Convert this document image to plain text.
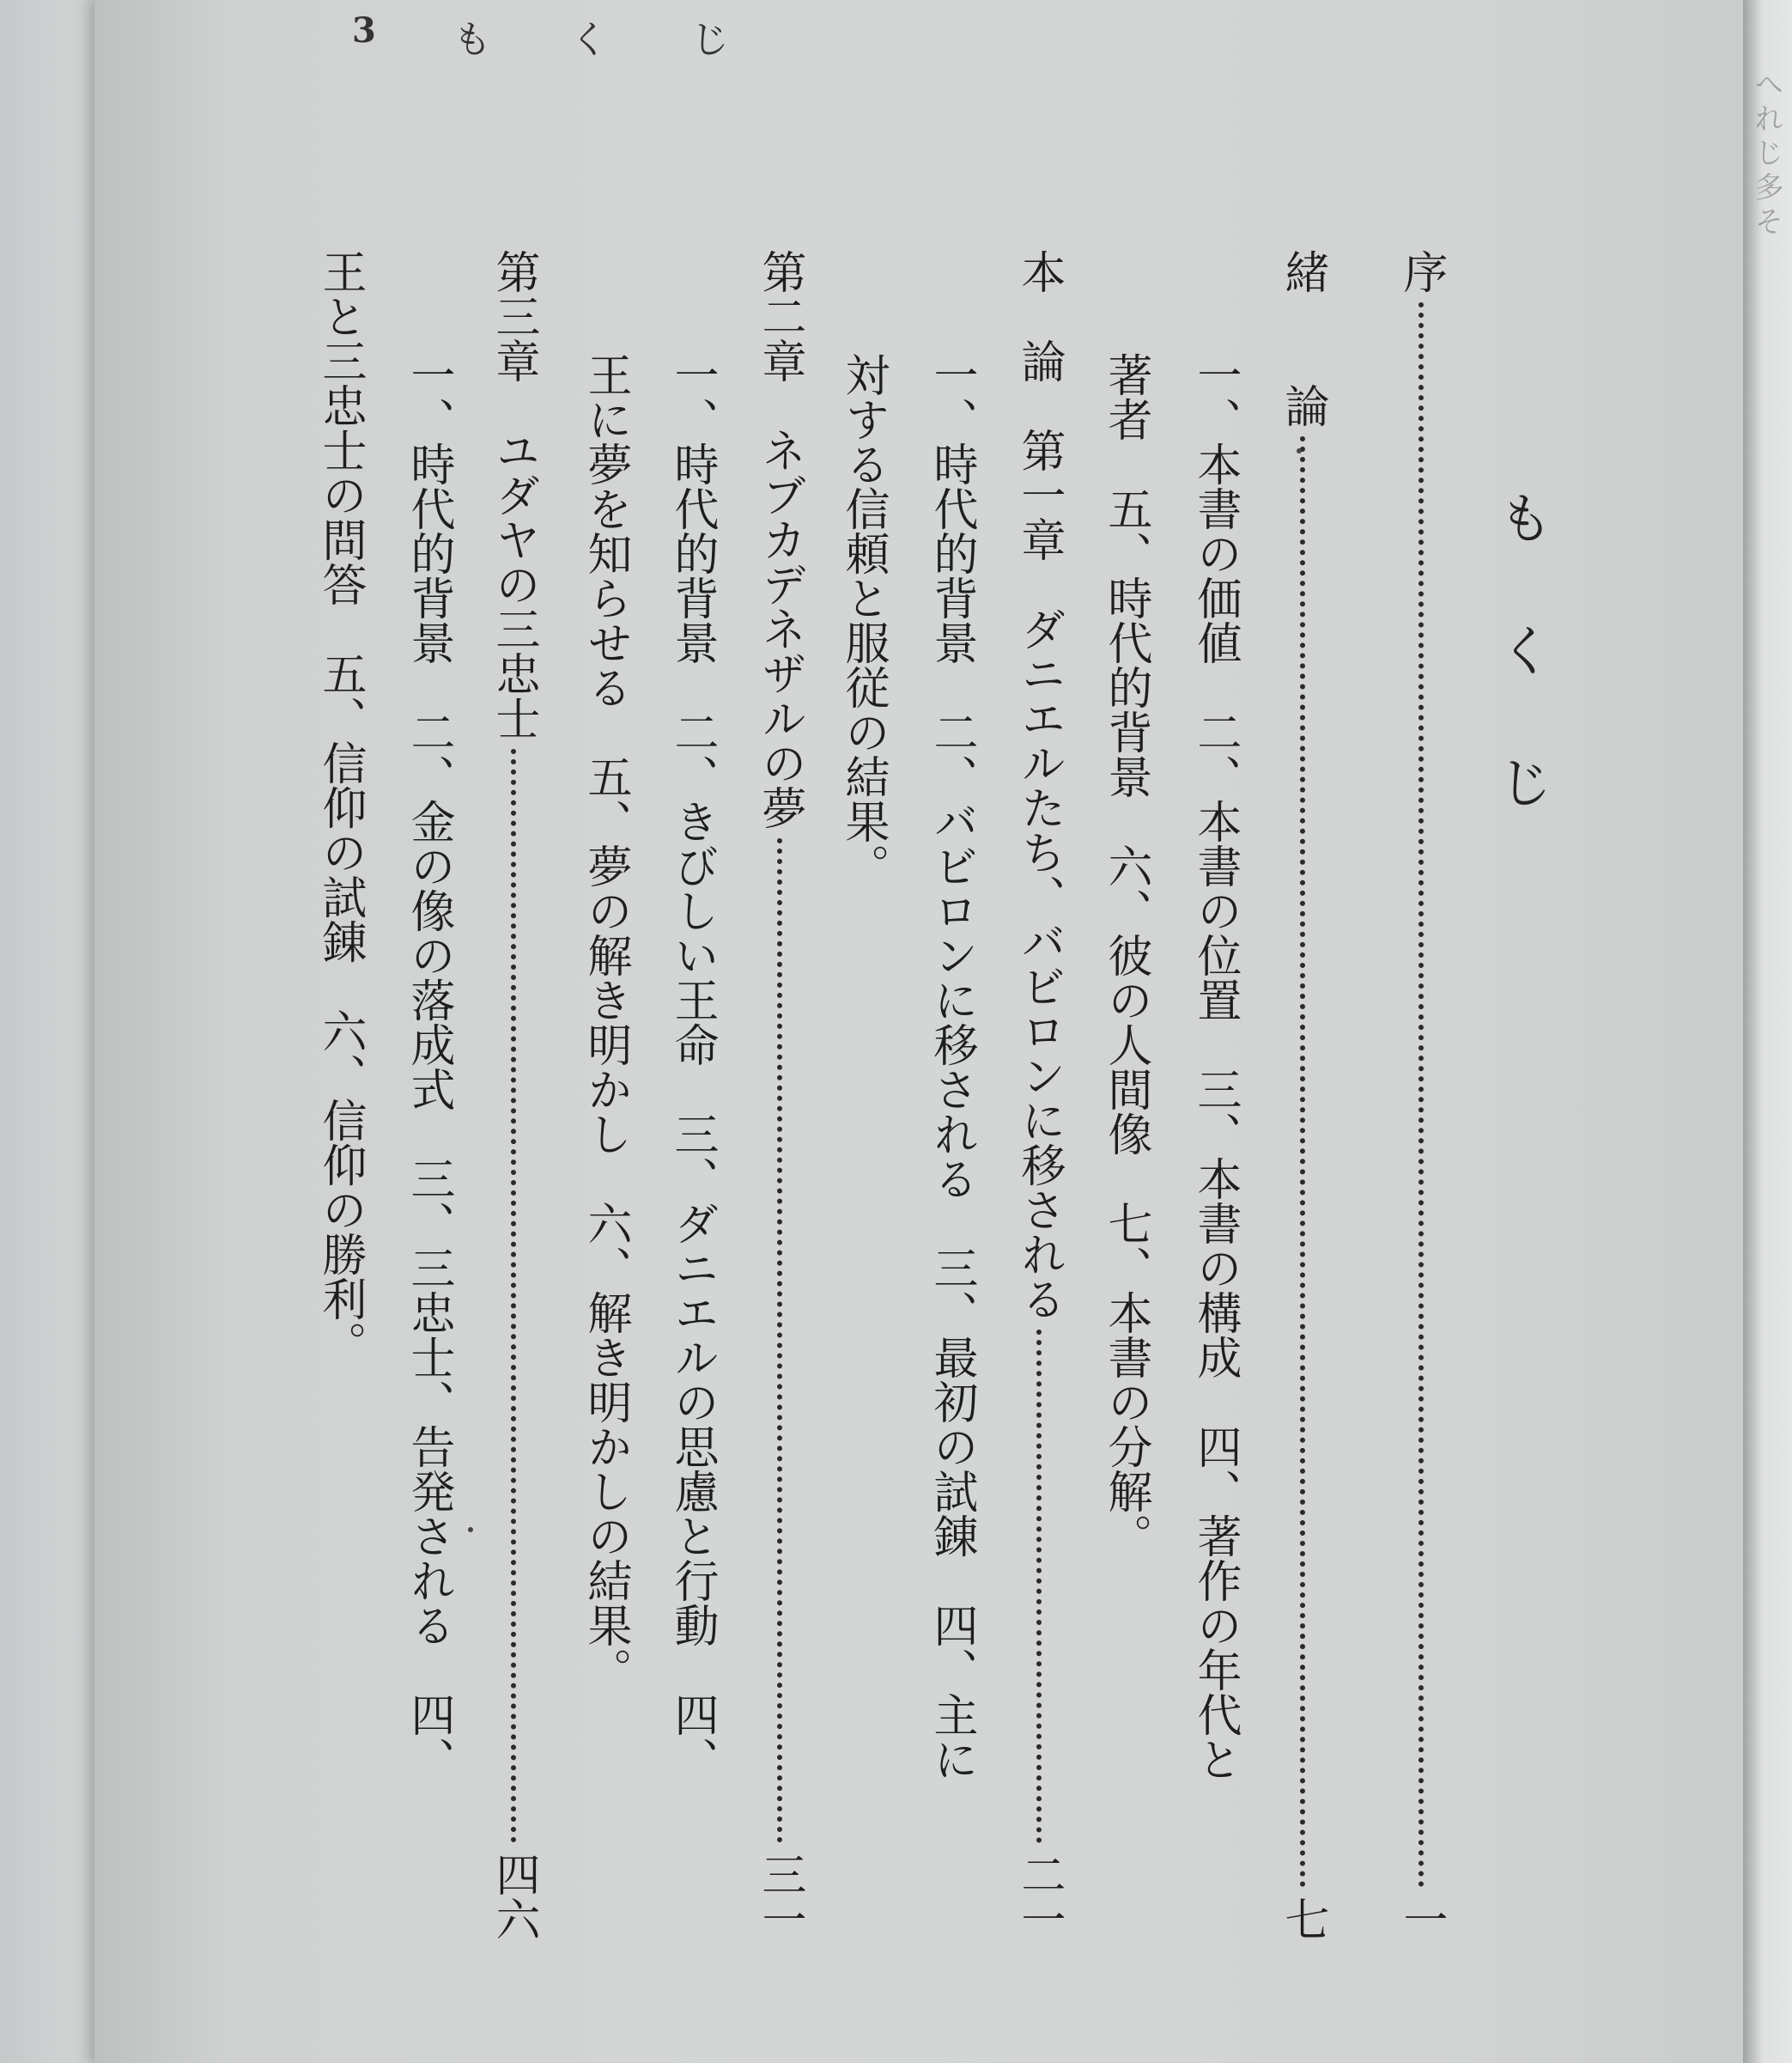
3 も く じ
もくじ
序
一
緒　　論
七
一、本書の価値　二、本書の位置　三、本書の構成　四、著作の年代と
著者　五、時代的背景　六、彼の人間像　七、本書の分解。
本　論　第一章　ダニエルたち、バビロンに移される
二一
一、時代的背景　二、バビロンに移される　三、最初の試錬　四、主に
対する信頼と服従の結果。
第二章　ネブカデネザルの夢
三一
一、時代的背景　二、きびしい王命　三、ダニエルの思慮と行動　四、
王に夢を知らせる　五、夢の解き明かし　六、解き明かしの結果。
第三章　ユダヤの三忠士
四六
一、時代的背景　二、金の像の落成式　三、三忠士、告発される　四、
王と三忠士の問答　五、信仰の試錬　六、信仰の勝利。
